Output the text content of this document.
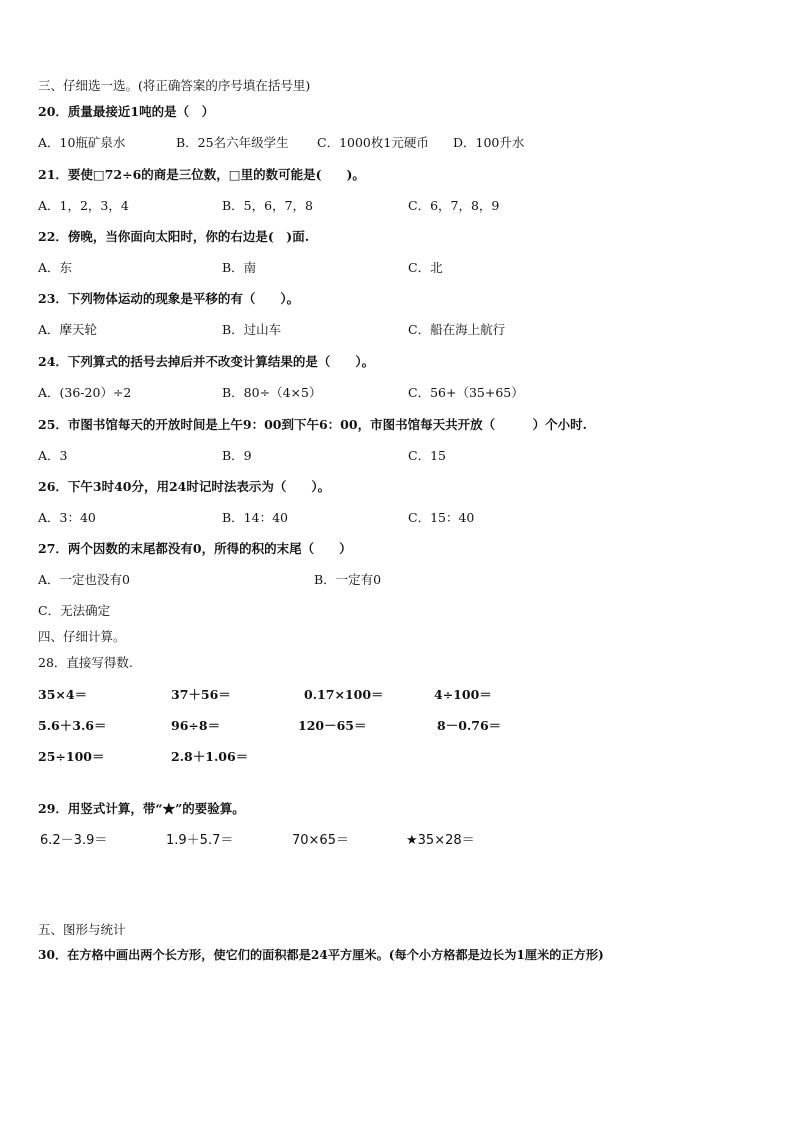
三、仔细选一选。(将正确答案的序号填在括号里)
20．质量最接近1吨的是（　）
A．10瓶矿泉水	B．25名六年级学生 C．1000枚1元硬币 D．100升水
21．要使□72÷6的商是三位数，□里的数可能是(　　)。
A．1，2，3，4	B．5，6，7，8	C．6，7，8，9
22．傍晚，当你面向太阳时，你的右边是(　)面.
A．东	B．南	C．北
23．下列物体运动的现象是平移的有（　　）。
A．摩天轮	B．过山车	C．船在海上航行
24．下列算式的括号去掉后并不改变计算结果的是（　　）。
A．(36-20）÷2	B．80÷（4×5）	C．56+（35+65）
25．市图书馆每天的开放时间是上午9：00到下午6：00，市图书馆每天共开放（　　　）个小时.
A．3	B．9	C．15
26．下午3时40分，用24时记时法表示为（　　）。
A．3：40	B．14：40	C．15：40
27．两个因数的末尾都没有0，所得的积的末尾（　　）
A．一定也没有0	B．一定有0
C．无法确定
四、仔细计算。
28．直接写得数.
35×4＝	37＋56＝	0.17×100＝	4÷100＝
5.6＋3.6＝	96÷8＝	120－65＝	8－0.76＝
25÷100＝	2.8＋1.06＝
29．用竖式计算，带“★”的要验算。
6.2－3.9＝	1.9＋5.7＝	70×65＝	★35×28＝
五、图形与统计
30．在方格中画出两个长方形，使它们的面积都是24平方厘米。(每个小方格都是边长为1厘米的正方形)
